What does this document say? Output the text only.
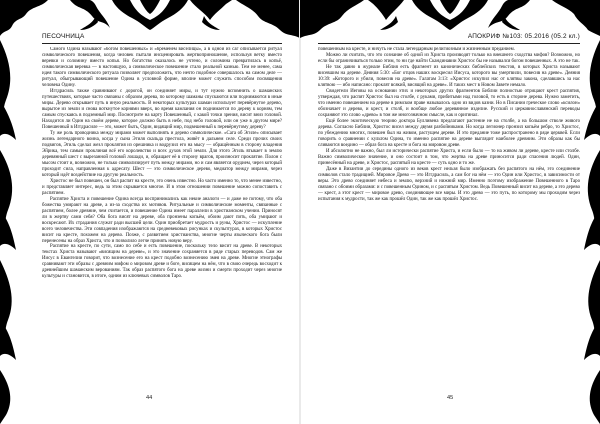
ПЕСОЧНИЦА

Само́го Одина называют «богом повешенных» и «бременем виселицы», а в одной из саг описывается ритуал символического повешения, когда человек пытали инсценировать жертвоприношение, используя ветку вместо веревки и соломину вместо копья. Но богатство оказалось не учтено, и соломина превратилась в копьё, символическая веревка — в настоящую, а символическое повешение стало реальной казнью. Тем не менее, сама идея такого символического ритуала позволяет предположить, что нечто подобное совершалось на самом деле — ритуал, обыгрывающий повешение Одина в условной форме, вполне может служить способом посвящения человека Одину.

Иггдрасиль также сравнивают с дорогой, он соединяет миры, и тут нужно вспомнить о шаманских путешествиях, которые часто связаны с образом дерева, по которому шаманы спускаются или поднимаются в иные миры. Дерево открывает путь в иную реальность. В некоторых культурах шаман использует перевёрнутое дерево, вырытое из земли и снова воткнутое корнями вверх, во время камлания он поднимается по дереву к корням, тем самым спускаясь в подземный мир. Посмотрите на карту Повешенный, с какой точки зрения, висит вниз головой. Находится ли Один на своём дереве, которое должно быть в небе, под небо головой, или он уже в другом мире? Повешенный в Иггдрасиле — это, может быть, Один, видящий мир, подвешенный к перевёрнутому дереву?

Ту же роль проводника между мирами может выполнять и дерево символическое. «Сага об Эгиле» описывает жизнь легендарного воина, когда у сына Эгиля скальда престола, живёт в дальнем селе. Среди прочих своих подвигов, Эгиль сделал жезл проклятия из орешника и водрузил его на мысу — обращённым в сторону владения Эйрика, тем самым проклиная всё его королевство и всех духов этой земли. Для этого Эгиль втыкает в землю деревянный шест с вырезанной головой лошади, и, обращает её в сторону врагов, произносит проклятие. Полон с мысом стоит и, возможно, не только символизирует путь между мирами, но и сам является орудием, через который проходит сила, направленная к адресату. Шест — это символическое дерево, медиатор между мирами, через который идёт воздействие на другую реальность.

Христос не был повешен, он был распят на кресте, это очень известно. Но часто именно то, что менее известно, и представляет интерес, ведь за этим скрывается многое. И в этом отношении повешение можно сопоставить с распятием.

Распятие Христа и повешение Одина всегда воспринимались как некие аналоги — и даже не потому, что оба божества умирают на древе, а из-за сходства их мотивов. Ритуальные и символические моменты, связанные с распятием, более древние, чем считается, и повешение Одина имеет параллели в христианском учении. Приносят ли в жертву сами себя? Оба бога висят на дереве, оба пронзены копьём, обоим дают пить, оба умирают и воскресают. Их страдания служат ради высшей цели. Один приобретает мудрость и руны, Христос — искупление всего человечества. Эти совпадения изображаются на средневековых рисунках и скульптурах, в которых Христос висит на кресте, похожем на дерево. Позже, с развитием христианства, многие черты языческого бога были перенесены на образ Христа, что и позволило легче принять новую веру.

Распятие на кресте, по сути, само по себе и есть повешение, поскольку тело висит на древе. В некоторых текстах Христа называют «висящим на дереве», и это значение сохраняется в ряде старых переводов. Сам же Иисус в Евангелии говорит, что вознесение его на крест подобно вознесению змея на древе. Многие этнографы сравнивают эти образы с древним мифом о мировом древе и боге, висящем на нём, что в свою очередь восходит к древнейшим шаманским верованиям. Так образ распятого бога на древе жизни и смерти проходит через многие культуры и становится, в итоге, одним из ключевых символов Таро.

44
АПОКРИФ №103: 05.2016 (05.2 кл.)

повешенным на кресте, и ничуть не стала легендарным религиозным и жизненным преданием.

Можно ли считать, что это сознание об одной из Христа производят только на внешнего сходства мифов? Возможно, но если бы ограничиваться только этим, то ни где найти Скандинавии Христос бы не назывался богом повешенных. А это не так.

Не так давно в журнале Библия есть фрагмент из канонических библейских текстов, в которых Христа называют висевшим на дереве. Деяния 5:30: «Бог отцов наших воскресил Иисуса, которого вы умертвили, повесив на древе». Деяния 10:39: «Которого и убили, повесив на древе». Галатам 3:13: «Христос искупил нас от клятвы закона, сделавшись за нас клятвою — ибо написано: проклят всякий, висящий на древе». И таких мест в Новом Завете немало.

Свидетели Иеговы на основании этих и некоторых других фрагментов Библии полностью отрицают крест распятия, утверждая, что распят Христос был на столбе, с руками, прибитыми над головой, то есть в стороне дерева. Нужно заметить, что именно повешением на дереве в римском праве называлось одно из видов казни. Но в Писании греческое слово «ксилон» обозначает и дерево, и крест, и столб, и вообще любое деревянное изделие. Русский и церковнославянский переводы сохраняют это слово «древо» в том же многозначном смысле, как и оригинал.

Ещё более экзотическую теорию доктора Булливена предлагают растение не на столбе, а на большом стволе живого дерева. Согласно Библии, Христос висел между двумя разбойниками. Но когда легионер пронзил копьём ребро, то Христос, по убеждению многих, повешен был на живом, растущем дереве. И это предание тоже распространено в ряде церквей. Если говорить о сравнении с культом Одина, то именно распятие на дереве выглядит наиболее древним. Эти образы как бы сливаются воедино — образ бога на кресте и бога на мировом древе.

И абсолютно не важно, был ли исторически распятие Христа, и если было — то на живом ли дереве, кресте или столбе. Важно символическое значение, и оно состоит в том, что жертва на древе приносится ради спасения людей. Один, принесённый на древе, и Христос, распятый на кресте — суть одно и то же.

Даже в Византии до середины одного из веков крест нельзя было изображать без распятого на нём, это соединение символов стало традицией. Мировое Древо — это Иггдрасиль, а сам бог на нём — это Один или Христос, в зависимости от веры. Это древо соединяет небеса и землю, верхний и нижний мир. Именно поэтому изображение Повешенного в Таро связано с обоими образами: и с повешенным Одином, и с распятым Христом. Ведь Повешенный висит на дереве, а это дерево — крест, а этот крест — мировое древо, соединяющее все миры. И это древо — это путь, по которому мы проходим через испытания к мудрости, так же как прошёл Один, так же как прошёл Христос.

45
